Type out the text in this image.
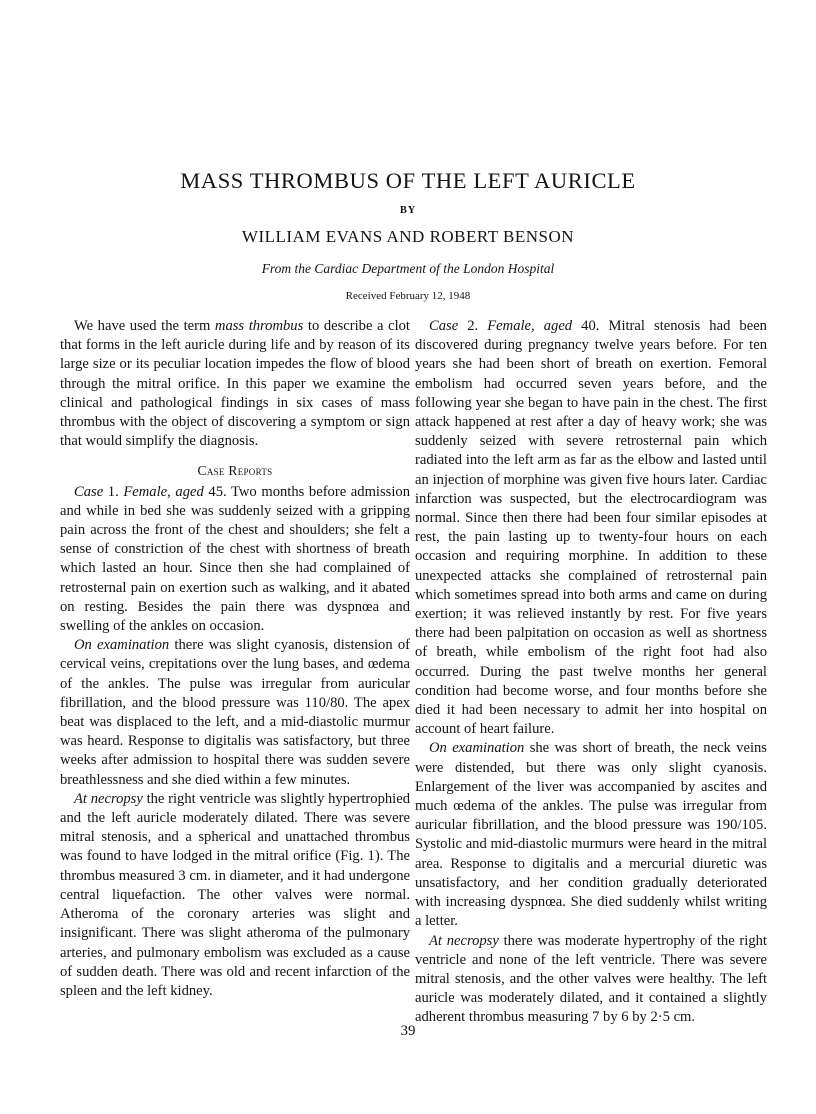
MASS THROMBUS OF THE LEFT AURICLE
BY
WILLIAM EVANS AND ROBERT BENSON
From the Cardiac Department of the London Hospital
Received February 12, 1948

We have used the term mass thrombus to describe a clot that forms in the left auricle during life and by reason of its large size or its peculiar location impedes the flow of blood through the mitral orifice. In this paper we examine the clinical and pathological findings in six cases of mass thrombus with the object of discovering a symptom or sign that would simplify the diagnosis.

Case Reports

Case 1. Female, aged 45. Two months before admission and while in bed she was suddenly seized with a gripping pain across the front of the chest and shoulders; she felt a sense of constriction of the chest with shortness of breath which lasted an hour. Since then she had complained of retrosternal pain on exertion such as walking, and it abated on resting. Besides the pain there was dyspnœa and swelling of the ankles on occasion.

On examination there was slight cyanosis, distension of cervical veins, crepitations over the lung bases, and œdema of the ankles. The pulse was irregular from auricular fibrillation, and the blood pressure was 110/80. The apex beat was displaced to the left, and a mid-diastolic murmur was heard. Response to digitalis was satisfactory, but three weeks after admission to hospital there was sudden severe breathlessness and she died within a few minutes.

At necropsy the right ventricle was slightly hypertrophied and the left auricle moderately dilated. There was severe mitral stenosis, and a spherical and unattached thrombus was found to have lodged in the mitral orifice (Fig. 1). The thrombus measured 3 cm. in diameter, and it had undergone central liquefaction. The other valves were normal. Atheroma of the coronary arteries was slight and insignificant. There was slight atheroma of the pulmonary arteries, and pulmonary embolism was excluded as a cause of sudden death. There was old and recent infarction of the spleen and the left kidney.

Case 2. Female, aged 40. Mitral stenosis had been discovered during pregnancy twelve years before. For ten years she had been short of breath on exertion. Femoral embolism had occurred seven years before, and the following year she began to have pain in the chest. The first attack happened at rest after a day of heavy work; she was suddenly seized with severe retrosternal pain which radiated into the left arm as far as the elbow and lasted until an injection of morphine was given five hours later. Cardiac infarction was suspected, but the electrocardiogram was normal. Since then there had been four similar episodes at rest, the pain lasting up to twenty-four hours on each occasion and requiring morphine. In addition to these unexpected attacks she complained of retrosternal pain which sometimes spread into both arms and came on during exertion; it was relieved instantly by rest. For five years there had been palpitation on occasion as well as shortness of breath, while embolism of the right foot had also occurred. During the past twelve months her general condition had become worse, and four months before she died it had been necessary to admit her into hospital on account of heart failure.

On examination she was short of breath, the neck veins were distended, but there was only slight cyanosis. Enlargement of the liver was accompanied by ascites and much œdema of the ankles. The pulse was irregular from auricular fibrillation, and the blood pressure was 190/105. Systolic and mid-diastolic murmurs were heard in the mitral area. Response to digitalis and a mercurial diuretic was unsatisfactory, and her condition gradually deteriorated with increasing dyspnœa. She died suddenly whilst writing a letter.

At necropsy there was moderate hypertrophy of the right ventricle and none of the left ventricle. There was severe mitral stenosis, and the other valves were healthy. The left auricle was moderately dilated, and it contained a slightly adherent thrombus measuring 7 by 6 by 2·5 cm.

39
